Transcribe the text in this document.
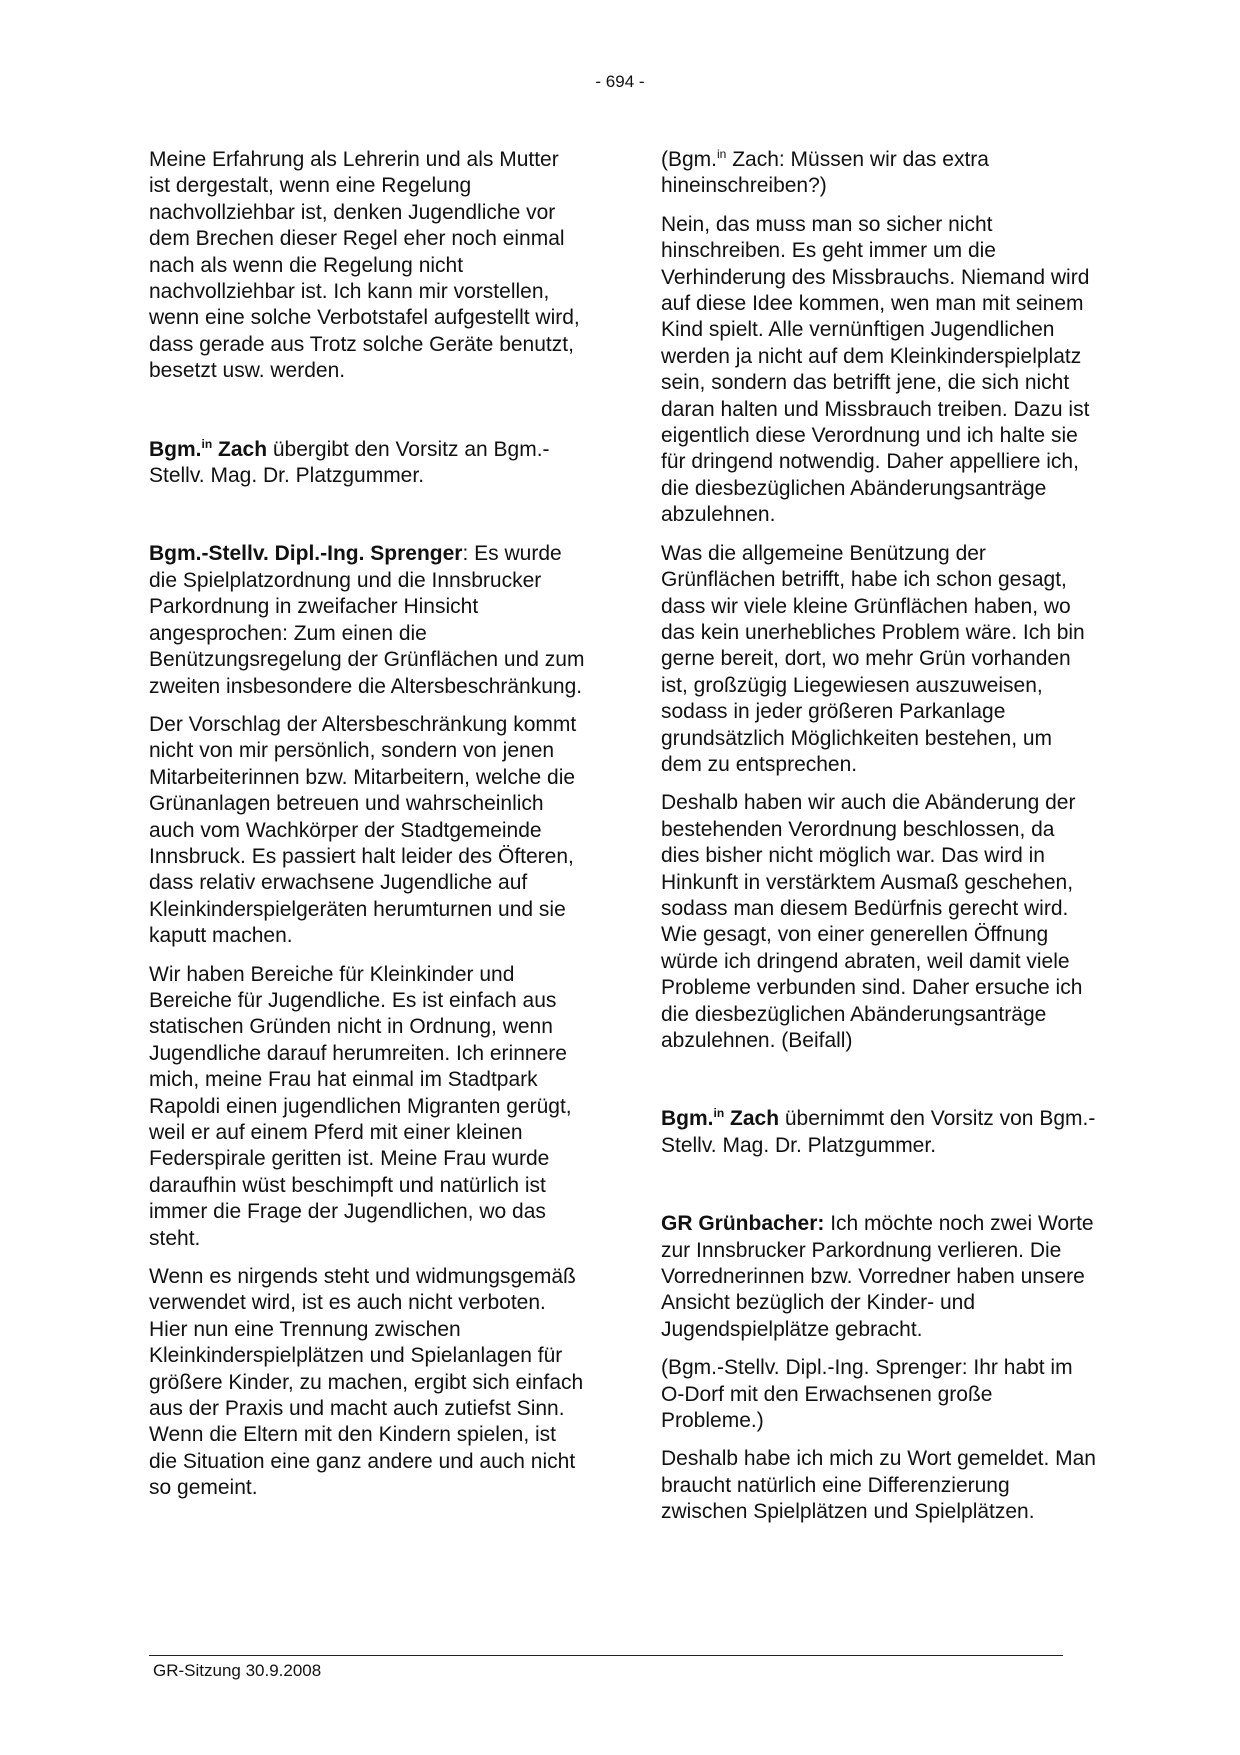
- 694 -

Meine Erfahrung als Lehrerin und als Mutter ist dergestalt, wenn eine Regelung nachvollziehbar ist, denken Jugendliche vor dem Brechen dieser Regel eher noch einmal nach als wenn die Regelung nicht nachvollziehbar ist. Ich kann mir vorstellen, wenn eine solche Verbotstafel aufgestellt wird, dass gerade aus Trotz solche Geräte benutzt, besetzt usw. werden.

Bgm.$^{in}$ Zach übergibt den Vorsitz an Bgm.-Stellv. Mag. Dr. Platzgummer.

Bgm.-Stellv. Dipl.-Ing. Sprenger: Es wurde die Spielplatzordnung und die Innsbrucker Parkordnung in zweifacher Hinsicht angesprochen: Zum einen die Benützungsregelung der Grünflächen und zum zweiten insbesondere die Altersbeschränkung.

Der Vorschlag der Altersbeschränkung kommt nicht von mir persönlich, sondern von jenen Mitarbeiterinnen bzw. Mitarbeitern, welche die Grünanlagen betreuen und wahrscheinlich auch vom Wachkörper der Stadtgemeinde Innsbruck. Es passiert halt leider des Öfteren, dass relativ erwachsene Jugendliche auf Kleinkinderspielgeräten herumturnen und sie kaputt machen.

Wir haben Bereiche für Kleinkinder und Bereiche für Jugendliche. Es ist einfach aus statischen Gründen nicht in Ordnung, wenn Jugendliche darauf herumreiten. Ich erinnere mich, meine Frau hat einmal im Stadtpark Rapoldi einen jugendlichen Migranten gerügt, weil er auf einem Pferd mit einer kleinen Federspirale geritten ist. Meine Frau wurde daraufhin wüst beschimpft und natürlich ist immer die Frage der Jugendlichen, wo das steht.

Wenn es nirgends steht und widmungsgemäß verwendet wird, ist es auch nicht verboten. Hier nun eine Trennung zwischen Kleinkinderspielplätzen und Spielanlagen für größere Kinder, zu machen, ergibt sich einfach aus der Praxis und macht auch zutiefst Sinn. Wenn die Eltern mit den Kindern spielen, ist die Situation eine ganz andere und auch nicht so gemeint.

(Bgm.$^{in}$ Zach: Müssen wir das extra hineinschreiben?)

Nein, das muss man so sicher nicht hinschreiben. Es geht immer um die Verhinderung des Missbrauchs. Niemand wird auf diese Idee kommen, wen man mit seinem Kind spielt. Alle vernünftigen Jugendlichen werden ja nicht auf dem Kleinkinderspielplatz sein, sondern das betrifft jene, die sich nicht daran halten und Missbrauch treiben. Dazu ist eigentlich diese Verordnung und ich halte sie für dringend notwendig. Daher appelliere ich, die diesbezüglichen Abänderungsanträge abzulehnen.

Was die allgemeine Benützung der Grünflächen betrifft, habe ich schon gesagt, dass wir viele kleine Grünflächen haben, wo das kein unerhebliches Problem wäre. Ich bin gerne bereit, dort, wo mehr Grün vorhanden ist, großzügig Liegewiesen auszuweisen, sodass in jeder größeren Parkanlage grundsätzlich Möglichkeiten bestehen, um dem zu entsprechen.

Deshalb haben wir auch die Abänderung der bestehenden Verordnung beschlossen, da dies bisher nicht möglich war. Das wird in Hinkunft in verstärktem Ausmaß geschehen, sodass man diesem Bedürfnis gerecht wird. Wie gesagt, von einer generellen Öffnung würde ich dringend abraten, weil damit viele Probleme verbunden sind. Daher ersuche ich die diesbezüglichen Abänderungsanträge abzulehnen. (Beifall)

Bgm.$^{in}$ Zach übernimmt den Vorsitz von Bgm.-Stellv. Mag. Dr. Platzgummer.

GR Grünbacher: Ich möchte noch zwei Worte zur Innsbrucker Parkordnung verlieren. Die Vorrednerinnen bzw. Vorredner haben unsere Ansicht bezüglich der Kinder- und Jugendspielplätze gebracht.

(Bgm.-Stellv. Dipl.-Ing. Sprenger: Ihr habt im O-Dorf mit den Erwachsenen große Probleme.)

Deshalb habe ich mich zu Wort gemeldet. Man braucht natürlich eine Differenzierung zwischen Spielplätzen und Spielplätzen.

GR-Sitzung 30.9.2008
